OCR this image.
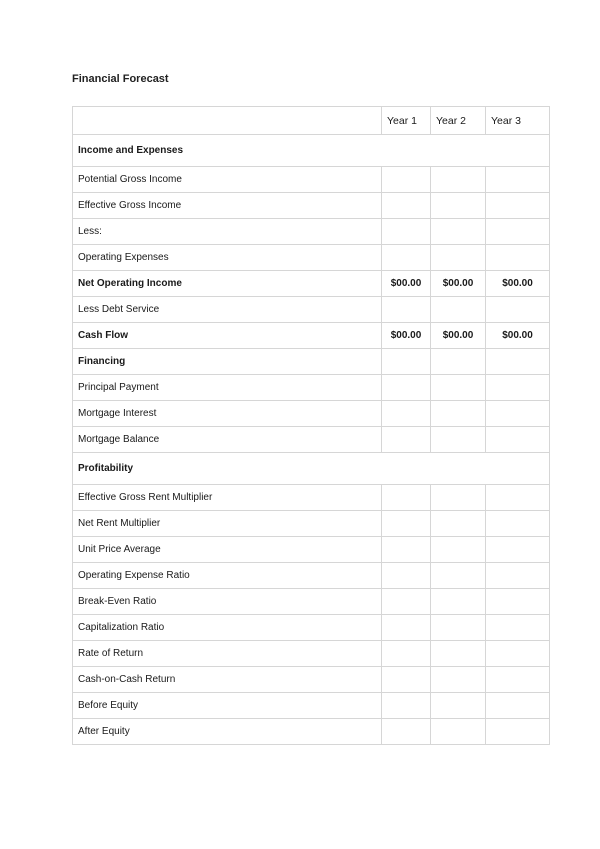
Financial Forecast
	Year 1	Year 2	Year 3
Income and Expenses			
Potential Gross Income			
Effective Gross Income			
Less:			
Operating Expenses			
Net Operating Income	$00.00	$00.00	$00.00
Less Debt Service			
Cash Flow	$00.00	$00.00	$00.00
Financing			
Principal Payment			
Mortgage Interest			
Mortgage Balance			
Profitability			
Effective Gross Rent Multiplier			
Net Rent Multiplier			
Unit Price Average			
Operating Expense Ratio			
Break-Even Ratio			
Capitalization Ratio			
Rate of Return			
Cash-on-Cash Return			
Before Equity			
After Equity			
